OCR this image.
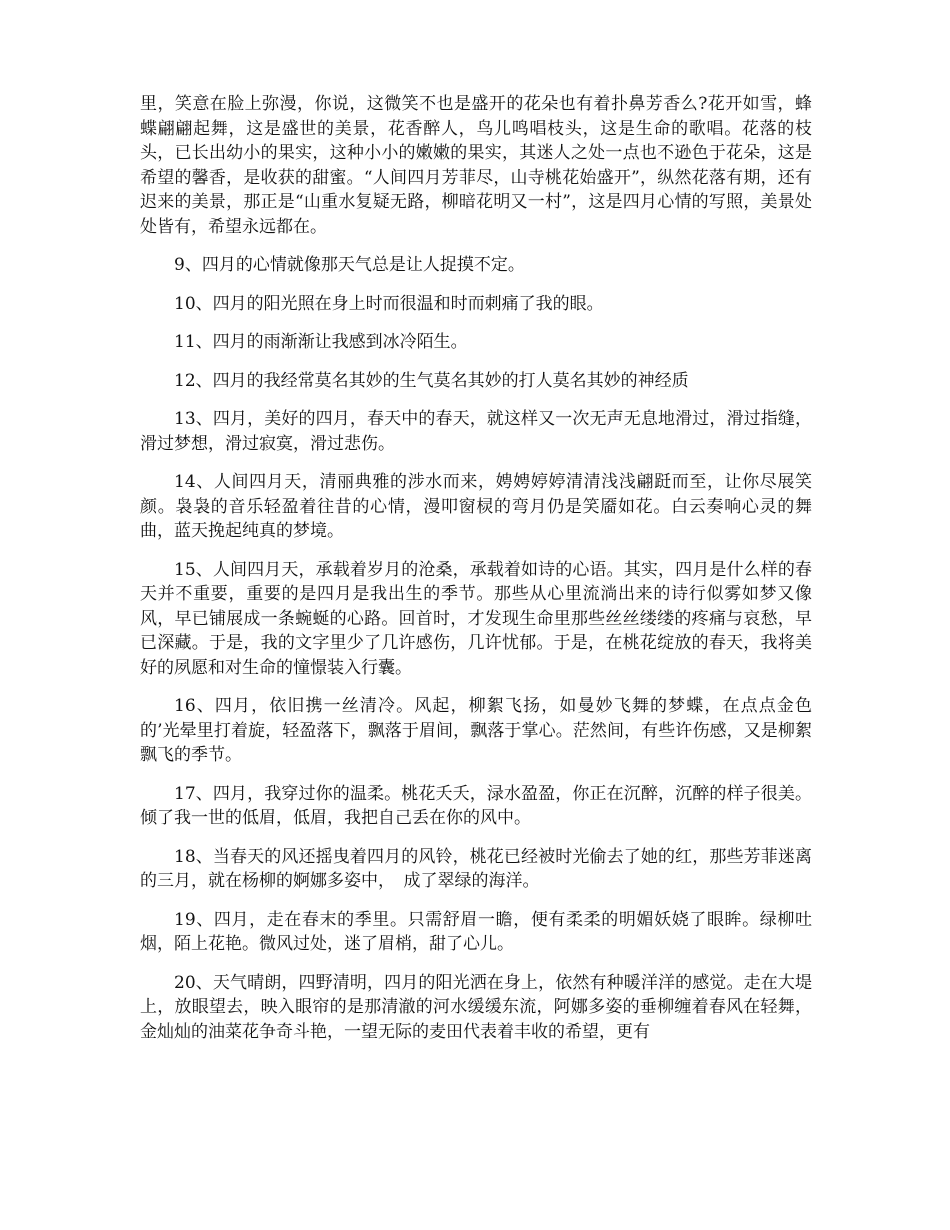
里，笑意在脸上弥漫，你说，这微笑不也是盛开的花朵也有着扑鼻芳香么?花开如雪，蜂蝶翩翩起舞，这是盛世的美景，花香醉人，鸟儿鸣唱枝头，这是生命的歌唱。花落的枝头，已长出幼小的果实，这种小小的嫩嫩的果实，其迷人之处一点也不逊色于花朵，这是希望的馨香，是收获的甜蜜。“人间四月芳菲尽，山寺桃花始盛开”，纵然花落有期，还有迟来的美景，那正是“山重水复疑无路，柳暗花明又一村”，这是四月心情的写照，美景处处皆有，希望永远都在。

9、四月的心情就像那天气总是让人捉摸不定。

10、四月的阳光照在身上时而很温和时而刺痛了我的眼。

11、四月的雨渐渐让我感到冰冷陌生。

12、四月的我经常莫名其妙的生气莫名其妙的打人莫名其妙的神经质

13、四月，美好的四月，春天中的春天，就这样又一次无声无息地滑过，滑过指缝，滑过梦想，滑过寂寞，滑过悲伤。

14、人间四月天，清丽典雅的涉水而来，娉娉婷婷清清浅浅翩跹而至，让你尽展笑颜。袅袅的音乐轻盈着往昔的心情，漫叩窗棂的弯月仍是笑靥如花。白云奏响心灵的舞曲，蓝天挽起纯真的梦境。

15、人间四月天，承载着岁月的沧桑，承载着如诗的心语。其实，四月是什么样的春天并不重要，重要的是四月是我出生的季节。那些从心里流淌出来的诗行似雾如梦又像风，早已铺展成一条蜿蜒的心路。回首时，才发现生命里那些丝丝缕缕的疼痛与哀愁，早已深藏。于是，我的文字里少了几许感伤，几许忧郁。于是，在桃花绽放的春天，我将美好的夙愿和对生命的憧憬装入行囊。

16、四月，依旧携一丝清冷。风起，柳絮飞扬，如曼妙飞舞的梦蝶，在点点金色的’光晕里打着旋，轻盈落下，飘落于眉间，飘落于掌心。茫然间，有些许伤感，又是柳絮飘飞的季节。

17、四月，我穿过你的温柔。桃花夭夭，渌水盈盈，你正在沉醉，沉醉的样子很美。倾了我一世的低眉，低眉，我把自己丢在你的风中。

18、当春天的风还摇曳着四月的风铃，桃花已经被时光偷去了她的红，那些芳菲迷离的三月，就在杨柳的婀娜多姿中，　成了翠绿的海洋。

19、四月，走在春末的季里。只需舒眉一瞻，便有柔柔的明媚妖娆了眼眸。绿柳吐烟，陌上花艳。微风过处，迷了眉梢，甜了心儿。

20、天气晴朗，四野清明，四月的阳光洒在身上，依然有种暖洋洋的感觉。走在大堤上，放眼望去，映入眼帘的是那清澈的河水缓缓东流，阿娜多姿的垂柳缠着春风在轻舞，金灿灿的油菜花争奇斗艳，一望无际的麦田代表着丰收的希望，更有
